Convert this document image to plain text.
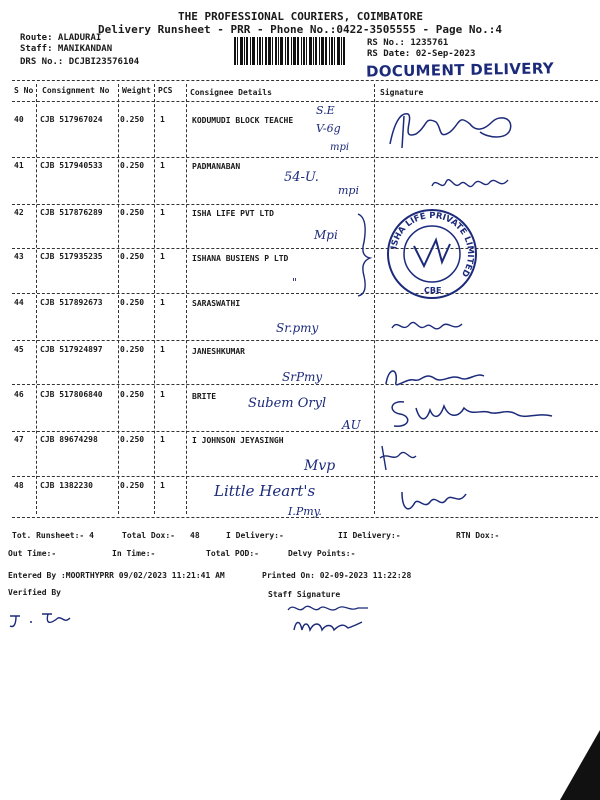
THE PROFESSIONAL COURIERS, COIMBATORE
Delivery Runsheet - PRR - Phone No.:0422-3505555 - Page No.:4
Route: ALADURAI
Staff: MANIKANDAN
DRS No.: DCJBI23576104
RS No.: 1235761
RS Date: 02-Sep-2023
DOCUMENT DELIVERY
S No Consignment No Weight PCS Consignee Details	Signature
40 CJB 517967024 0.250 1	KODUMUDI BLOCK TEACHE
41 CJB 517940533 0.250 1	PADMANABAN
42 CJB 517876289 0.250 1	ISHA LIFE PVT LTD
43 CJB 517935235 0.250 1	ISHANA BUSIENS P LTD
44 CJB 517892673 0.250 1	SARASWATHI
45 CJB 517924897 0.250 1	JANESHKUMAR
46 CJB 517806840 0.250 1	BRITE
47 CJB 89674298	0.250 1	I JOHNSON JEYASINGH
48 CJB 1382230	0.250 1
S.E
V-6g
mpi
54-U.
mpi
Mpi
"
Sr.pmy
SrPmy
Subem Oryl
AU
Mvp
Little Heart's
I.Pmy.
ISHA LIFE PRIVATE LIMITED
CBE
Tot. Runsheet:- 4	Total Dox:- 48	I Delivery:-	II Delivery:-	RTN Dox:-
Out Time:-	In Time:-	Total POD:-	Delvy Points:-
Entered By :MOORTHYPRR 09/02/2023 11:21:41 AM	Printed On: 02-09-2023 11:22:28
Verified By	Staff Signature
